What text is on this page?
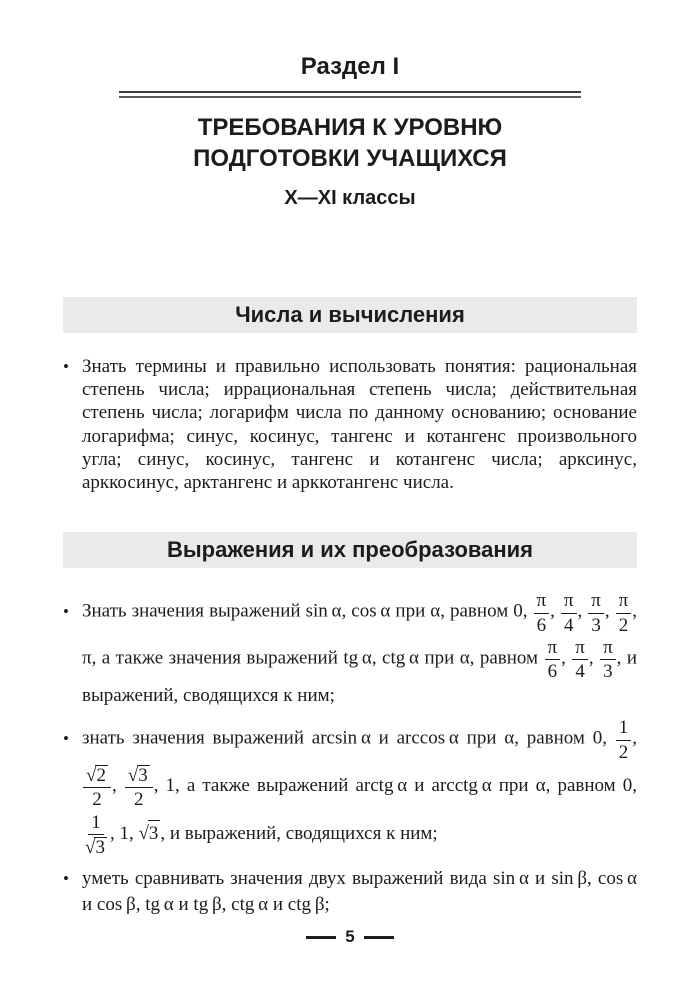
Раздел I
ТРЕБОВАНИЯ К УРОВНЮ
ПОДГОТОВКИ УЧАЩИХСЯ
X—XI классы
Числа и вычисления
• Знать термины и правильно использовать понятия: рациональная степень числа; иррациональная степень числа; действительная степень числа; логарифм числа по данному основанию; основание логарифма; синус, косинус, тангенс и котангенс произвольного угла; синус, косинус, тангенс и котангенс числа; арксинус, арккосинус, арктангенс и арккотангенс числа.
Выражения и их преобразования
• Знать значения выражений sin α, cos α при α, равном 0, $\frac{\pi}{6}$ , $\frac{\pi}{4}$ , $\frac{\pi}{3}$ , $\frac{\pi}{2}$ , π, а также значения выражений tg α, ctg α при α, равном $\frac{\pi}{6}$ , $\frac{\pi}{4}$ , $\frac{\pi}{3}$ , и выражений, сводящихся к ним;
• знать значения выражений arcsin α и arccos α при α, равном 0, $\frac{1}{2}$ ,
$\frac{√ 2}{2}$ , $\frac{√ 3}{2}$ , 1, а также выражений arctg α и arcctg α при α, равном 0,
$\frac{1}{√ 3}$ , 1, √ 3 , и выражений, сводящихся к ним;
• уметь сравнивать значения двух выражений вида sin α и sin β, cos α и cos β, tg α и tg β, ctg α и ctg β;
5
